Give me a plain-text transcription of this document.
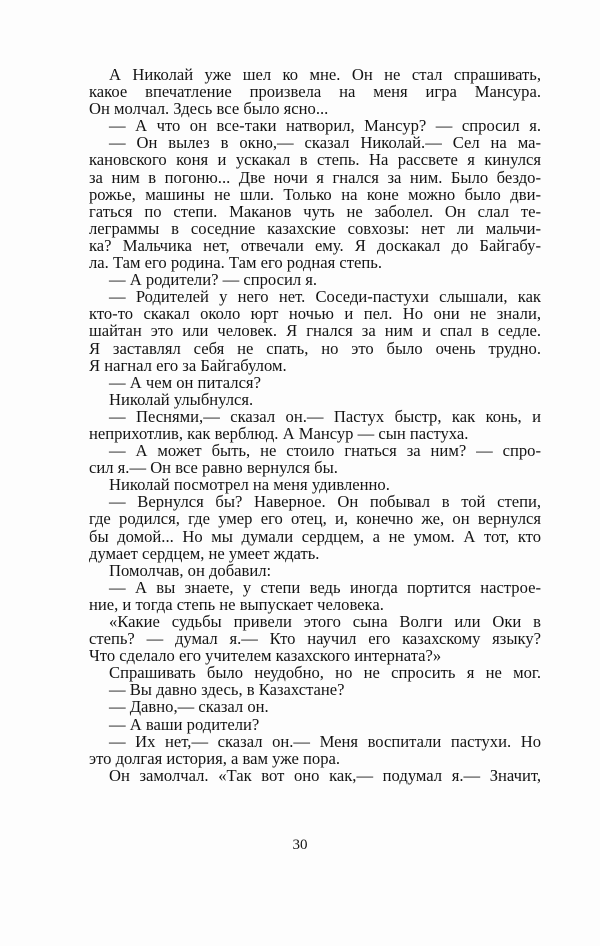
А Николай уже шел ко мне. Он не стал спрашивать,
какое впечатление произвела на меня игра Мансура.
Он молчал. Здесь все было ясно...
— А что он все-таки натворил, Мансур? — спросил я.
— Он вылез в окно,— сказал Николай.— Сел на ма-
кановского коня и ускакал в степь. На рассвете я кинулся
за ним в погоню... Две ночи я гнался за ним. Было бездо-
рожье, машины не шли. Только на коне можно было дви-
гаться по степи. Маканов чуть не заболел. Он слал те-
леграммы в соседние казахские совхозы: нет ли мальчи-
ка? Мальчика нет, отвечали ему. Я доскакал до Байгабу-
ла. Там его родина. Там его родная степь.
— А родители? — спросил я.
— Родителей у него нет. Соседи-пастухи слышали, как
кто-то скакал около юрт ночью и пел. Но они не знали,
шайтан это или человек. Я гнался за ним и спал в седле.
Я заставлял себя не спать, но это было очень трудно.
Я нагнал его за Байгабулом.
— А чем он питался?
Николай улыбнулся.
— Песнями,— сказал он.— Пастух быстр, как конь, и
неприхотлив, как верблюд. А Мансур — сын пастуха.
— А может быть, не стоило гнаться за ним? — спро-
сил я.— Он все равно вернулся бы.
Николай посмотрел на меня удивленно.
— Вернулся бы? Наверное. Он побывал в той степи,
где родился, где умер его отец, и, конечно же, он вернулся
бы домой... Но мы думали сердцем, а не умом. А тот, кто
думает сердцем, не умеет ждать.
Помолчав, он добавил:
— А вы знаете, у степи ведь иногда портится настрое-
ние, и тогда степь не выпускает человека.
«Какие судьбы привели этого сына Волги или Оки в
степь? — думал я.— Кто научил его казахскому языку?
Что сделало его учителем казахского интерната?»
Спрашивать было неудобно, но не спросить я не мог.
— Вы давно здесь, в Казахстане?
— Давно,— сказал он.
— А ваши родители?
— Их нет,— сказал он.— Меня воспитали пастухи. Но
это долгая история, а вам уже пора.
Он замолчал. «Так вот оно как,— подумал я.— Значит,
30
